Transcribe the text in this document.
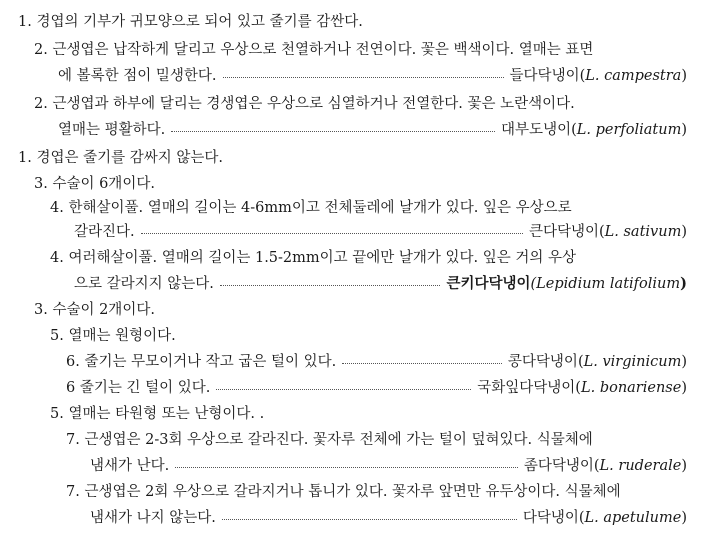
1. 경엽의 기부가 귀모양으로 되어 있고 줄기를 감싼다.
2. 근생엽은 납작하게 달리고 우상으로 천열하거나 전연이다. 꽃은 백색이다. 열매는 표면
에 볼록한 점이 밀생한다.	들다닥냉이(L. campestra)
2. 근생엽과 하부에 달리는 경생엽은 우상으로 심열하거나 전열한다. 꽃은 노란색이다.
열매는 평활하다.	대부도냉이(L. perfoliatum)
1. 경엽은 줄기를 감싸지 않는다.
3. 수술이 6개이다.
4. 한해살이풀. 열매의 길이는 4-6mm이고 전체둘레에 날개가 있다. 잎은 우상으로
갈라진다.	큰다닥냉이(L. sativum)
4. 여러해살이풀. 열매의 길이는 1.5-2mm이고 끝에만 날개가 있다. 잎은 거의 우상
으로 갈라지지 않는다.	큰키다닥냉이(Lepidium latifolium)
3. 수술이 2개이다.
5. 열매는 원형이다.
6. 줄기는 무모이거나 작고 굽은 털이 있다.	콩다닥냉이(L. virginicum)
6 줄기는 긴 털이 있다.	국화잎다닥냉이(L. bonariense)
5. 열매는 타원형 또는 난형이다. .
7. 근생엽은 2-3회 우상으로 갈라진다. 꽃자루 전체에 가는 털이 덮혀있다. 식물체에
냄새가 난다.	좀다닥냉이(L. ruderale)
7. 근생엽은 2회 우상으로 갈라지거나 톱니가 있다. 꽃자루 앞면만 유두상이다. 식물체에
냄새가 나지 않는다.	다닥냉이(L. apetulume)
